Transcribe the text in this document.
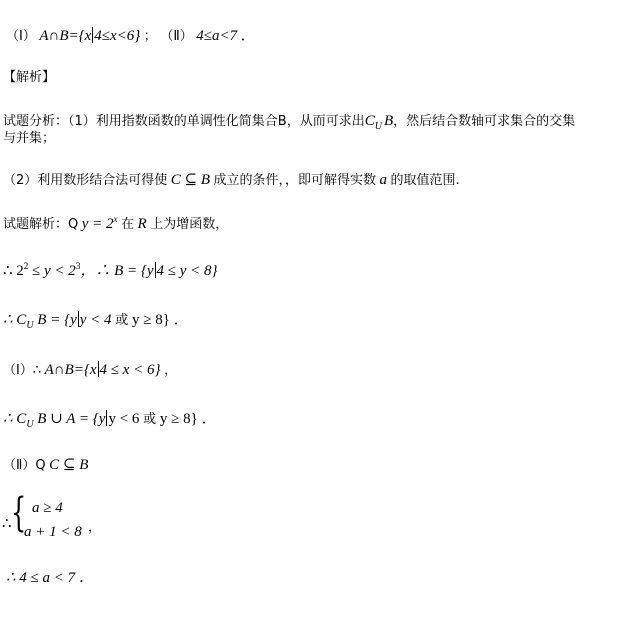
（Ⅰ） A∩B={x 4≤x<6} ； （Ⅱ） 4≤a<7 ．
【解析】
试题分析：（1）利用指数函数的单调性化简集合B，从而可求出$C_U$ B，然后结合数轴可求集合的交集
与并集；
（2）利用数形结合法可得使 C ⊆ B 成立的条件，，即可解得实数 a 的取值范围.
试题解析：Q $y = 2^x$ 在 R 上为增函数，
∴ $2^2 \le y < 2^3$，∴ B = {y 4 ≤ y < 8}
∴ $C_U$ B = {y y < 4 或 y ≥ 8} ．
（Ⅰ）∴ A∩B={x 4 ≤ x < 6} ，
∴ $C_U$ B ∪ A = {y y < 6 或 y ≥ 8} ．
（Ⅱ）Q C ⊆ B
∴ { a ≥ 4
a + 1 < 8 ，
∴ 4 ≤ a < 7 ．
